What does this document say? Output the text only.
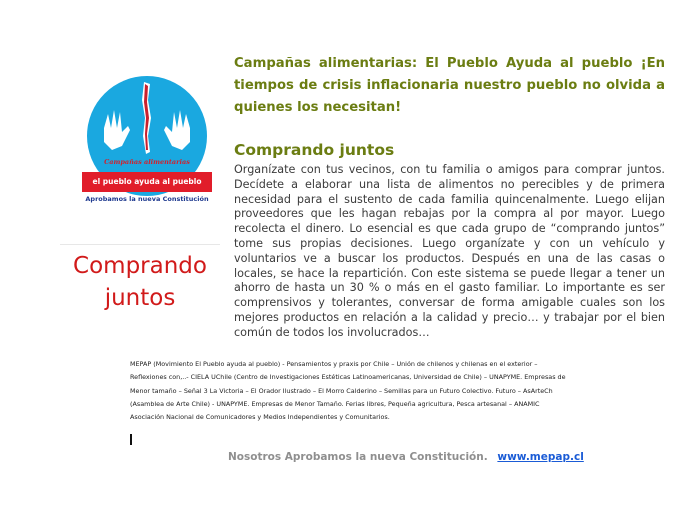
Campañas alimentarias
el pueblo ayuda al pueblo
Aprobamos la nueva Constitución
Comprando juntos

Campañas alimentarias: El Pueblo Ayuda al pueblo ¡En tiempos de crisis inflacionaria nuestro pueblo no olvida a quienes los necesitan!

Comprando juntos

Organízate con tus vecinos, con tu familia o amigos para comprar juntos. Decídete a elaborar una lista de alimentos no perecibles y de primera necesidad para el sustento de cada familia quincenalmente. Luego elijan proveedores que les hagan rebajas por la compra al por mayor. Luego recolecta el dinero. Lo esencial es que cada grupo de “comprando juntos” tome sus propias decisiones. Luego organízate y con un vehículo y voluntarios ve a buscar los productos. Después en una de las casas o locales, se hace la repartición. Con este sistema se puede llegar a tener un ahorro de hasta un 30 % o más en el gasto familiar. Lo importante es ser comprensivos y tolerantes, conversar de forma amigable cuales son los mejores productos en relación a la calidad y precio… y trabajar por el bien común de todos los involucrados…

MEPAP (Movimiento El Pueblo ayuda al pueblo) - Pensamientos y praxis por Chile – Unión de chilenos y chilenas en el exterior – Reflexiones con,..- CIELA UChile (Centro de Investigaciones Estéticas Latinoamericanas, Universidad de Chile) – UNAPYME. Empresas de Menor tamaño – Señal 3 La Victoria – El Orador Ilustrado – El Morro Calderino – Semillas para un Futuro Colectivo. Futuro – AsArteCh (Asamblea de Arte Chile) - UNAPYME. Empresas de Menor Tamaño. Ferias libres, Pequeña agricultura, Pesca artesanal – ANAMIC Asociación Nacional de Comunicadores y Medios Independientes y Comunitarios.

Nosotros Aprobamos la nueva Constitución. www.mepap.cl
